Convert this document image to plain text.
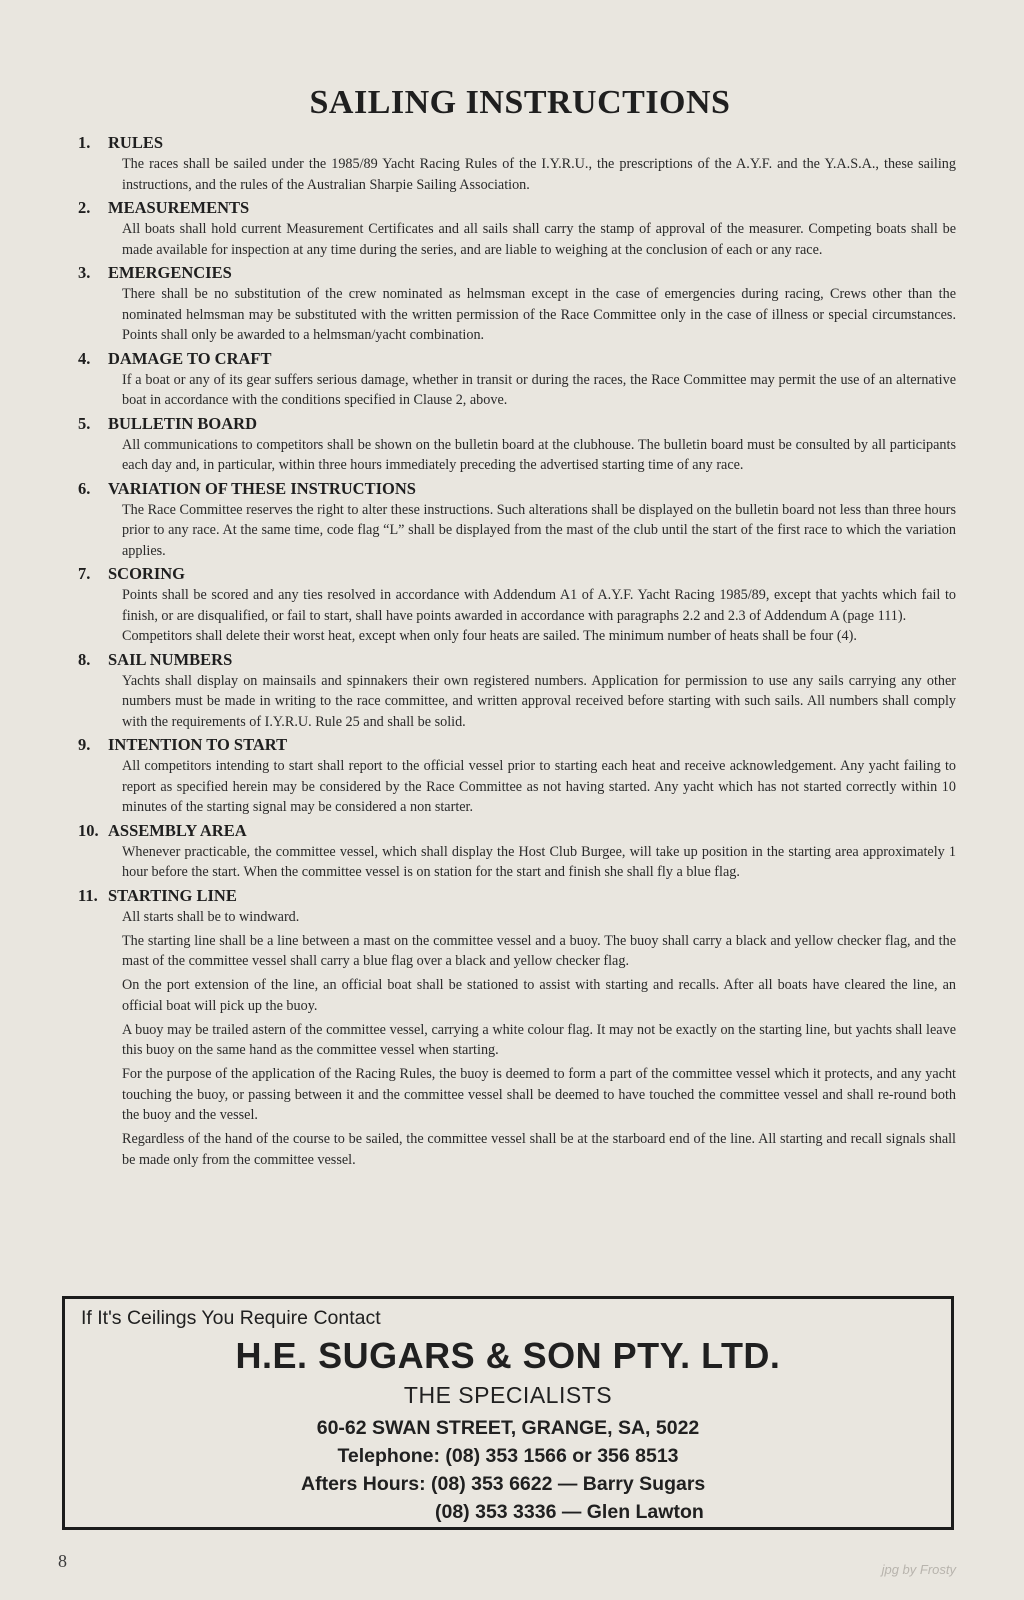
SAILING INSTRUCTIONS
1.	RULES

The races shall be sailed under the 1985/89 Yacht Racing Rules of the I.Y.R.U., the prescriptions of the A.Y.F. and the Y.A.S.A., these sailing instructions, and the rules of the Australian Sharpie Sailing Association.

2.	MEASUREMENTS

All boats shall hold current Measurement Certificates and all sails shall carry the stamp of approval of the measurer. Competing boats shall be made available for inspection at any time during the series, and are liable to weighing at the conclusion of each or any race.

3.	EMERGENCIES

There shall be no substitution of the crew nominated as helmsman except in the case of emergencies during racing, Crews other than the nominated helmsman may be substituted with the written permission of the Race Committee only in the case of illness or special circumstances. Points shall only be awarded to a helmsman/yacht combination.

4.	DAMAGE TO CRAFT

If a boat or any of its gear suffers serious damage, whether in transit or during the races, the Race Committee may permit the use of an alternative boat in accordance with the conditions specified in Clause 2, above.

5.	BULLETIN BOARD

All communications to competitors shall be shown on the bulletin board at the clubhouse. The bulletin board must be consulted by all participants each day and, in particular, within three hours immediately preceding the advertised starting time of any race.

6.	VARIATION OF THESE INSTRUCTIONS

The Race Committee reserves the right to alter these instructions. Such alterations shall be displayed on the bulletin board not less than three hours prior to any race. At the same time, code flag “L” shall be displayed from the mast of the club until the start of the first race to which the variation applies.

7.	SCORING

Points shall be scored and any ties resolved in accordance with Addendum A1 of A.Y.F. Yacht Racing 1985/89, except that yachts which fail to finish, or are disqualified, or fail to start, shall have points awarded in accordance with paragraphs 2.2 and 2.3 of Addendum A (page 111).

Competitors shall delete their worst heat, except when only four heats are sailed. The minimum number of heats shall be four (4).

8.	SAIL NUMBERS

Yachts shall display on mainsails and spinnakers their own registered numbers. Application for permission to use any sails carrying any other numbers must be made in writing to the race committee, and written approval received before starting with such sails. All numbers shall comply with the requirements of I.Y.R.U. Rule 25 and shall be solid.

9.	INTENTION TO START

All competitors intending to start shall report to the official vessel prior to starting each heat and receive acknowledgement. Any yacht failing to report as specified herein may be considered by the Race Committee as not having started. Any yacht which has not started correctly within 10 minutes of the starting signal may be considered a non starter.

10. ASSEMBLY AREA

Whenever practicable, the committee vessel, which shall display the Host Club Burgee, will take up position in the starting area approximately 1 hour before the start. When the committee vessel is on station for the start and finish she shall fly a blue flag.

11. STARTING LINE

All starts shall be to windward.

The starting line shall be a line between a mast on the committee vessel and a buoy. The buoy shall carry a black and yellow checker flag, and the mast of the committee vessel shall carry a blue flag over a black and yellow checker flag.

On the port extension of the line, an official boat shall be stationed to assist with starting and recalls. After all boats have cleared the line, an official boat will pick up the buoy.

A buoy may be trailed astern of the committee vessel, carrying a white colour flag. It may not be exactly on the starting line, but yachts shall leave this buoy on the same hand as the committee vessel when starting.

For the purpose of the application of the Racing Rules, the buoy is deemed to form a part of the committee vessel which it protects, and any yacht touching the buoy, or passing between it and the committee vessel shall be deemed to have touched the committee vessel and shall re-round both the buoy and the vessel.

Regardless of the hand of the course to be sailed, the committee vessel shall be at the starboard end of the line. All starting and recall signals shall be made only from the committee vessel.

If It's Ceilings You Require Contact
H.E. SUGARS & SON PTY. LTD.
THE SPECIALISTS
60-62 SWAN STREET, GRANGE, SA, 5022
Telephone: (08) 353 1566 or 356 8513
Afters Hours: (08) 353 6622 — Barry Sugars
(08) 353 3336 — Glen Lawton
8	jpg by Frosty
